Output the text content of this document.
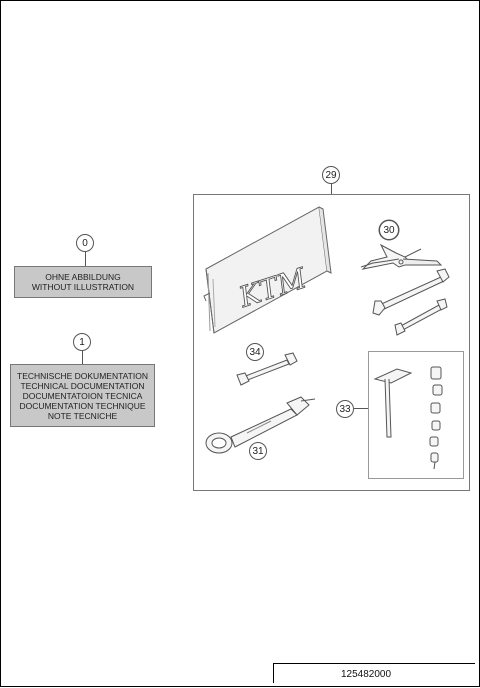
0
OHNE ABBILDUNG
WITHOUT ILLUSTRATION
1
TECHNISCHE DOKUMENTATION
TECHNICAL DOCUMENTATION
DOCUMENTATOION TECNICA
DOCUMENTATION TECHNIQUE
NOTE TECNICHE
29
KTM
30
34
31
33
125482000
